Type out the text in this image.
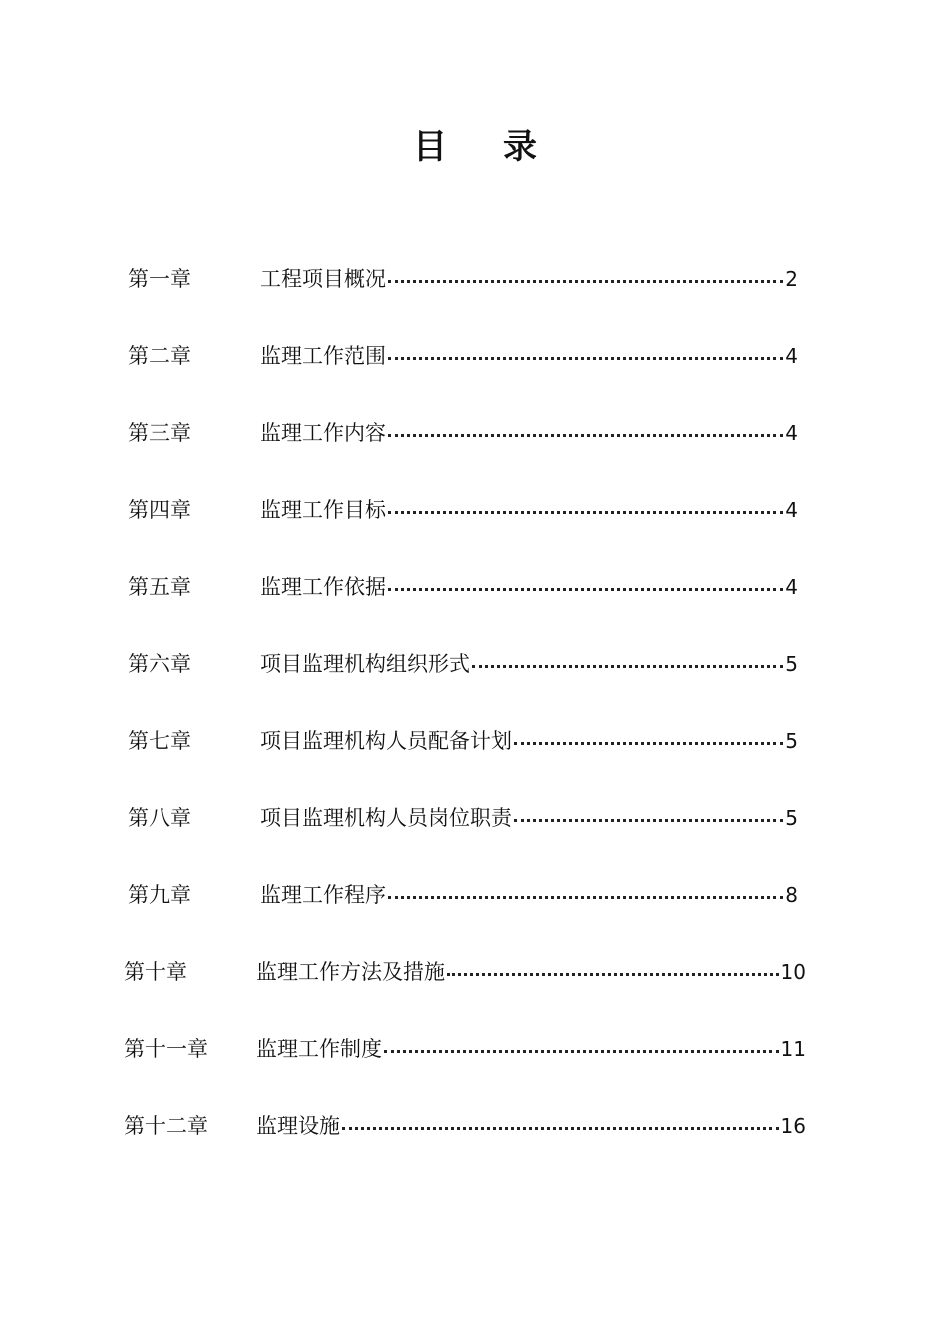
目录
第一章	工程项目概况	2
第二章	监理工作范围	4
第三章	监理工作内容	4
第四章	监理工作目标	4
第五章	监理工作依据	4
第六章	项目监理机构组织形式	5
第七章	项目监理机构人员配备计划	5
第八章	项目监理机构人员岗位职责	5
第九章	监理工作程序	8
第十章	监理工作方法及措施	10
第十一章	监理工作制度	11
第十二章	监理设施	16
